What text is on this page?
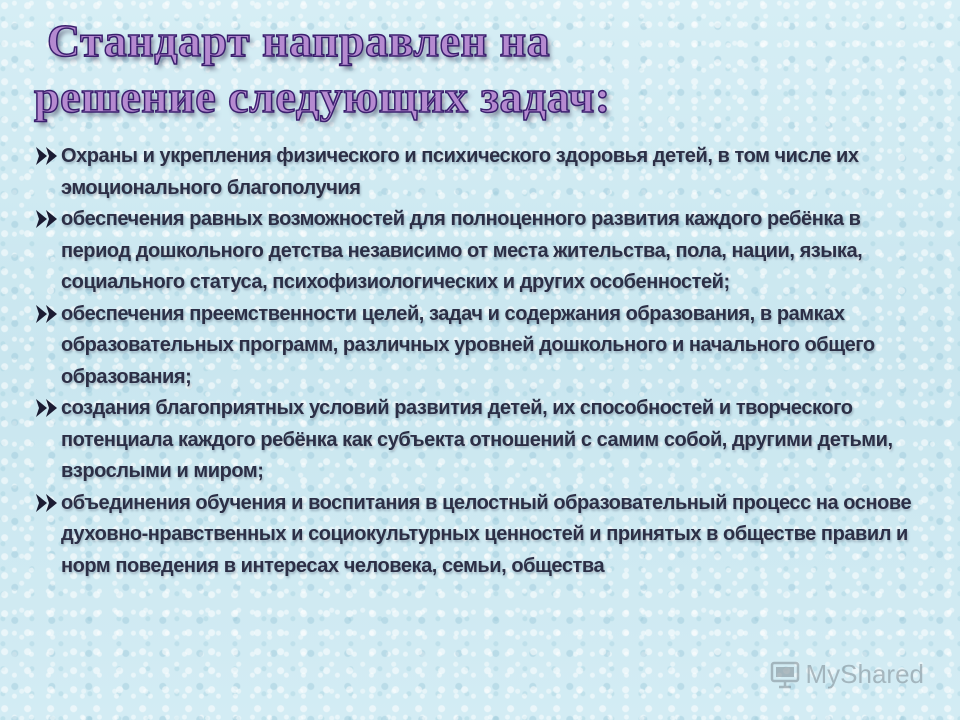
Стандарт направлен на
решение следующих задач:
Охраны и укрепления физического и психического здоровья детей, в том числе их эмоционального благополучия
обеспечения равных возможностей для полноценного развития каждого ребёнка в период дошкольного детства независимо от места жительства, пола, нации, языка, социального статуса, психофизиологических и других особенностей;
обеспечения преемственности целей, задач и содержания образования, в рамках образовательных программ, различных уровней дошкольного и начального общего образования;
создания благоприятных условий развития детей, их способностей и творческого потенциала каждого ребёнка как субъекта отношений с самим собой, другими детьми, взрослыми и миром;
объединения обучения и воспитания в целостный образовательный процесс на основе духовно-нравственных и социокультурных ценностей и принятых в обществе правил и норм поведения в интересах человека, семьи, общества
MyShared
